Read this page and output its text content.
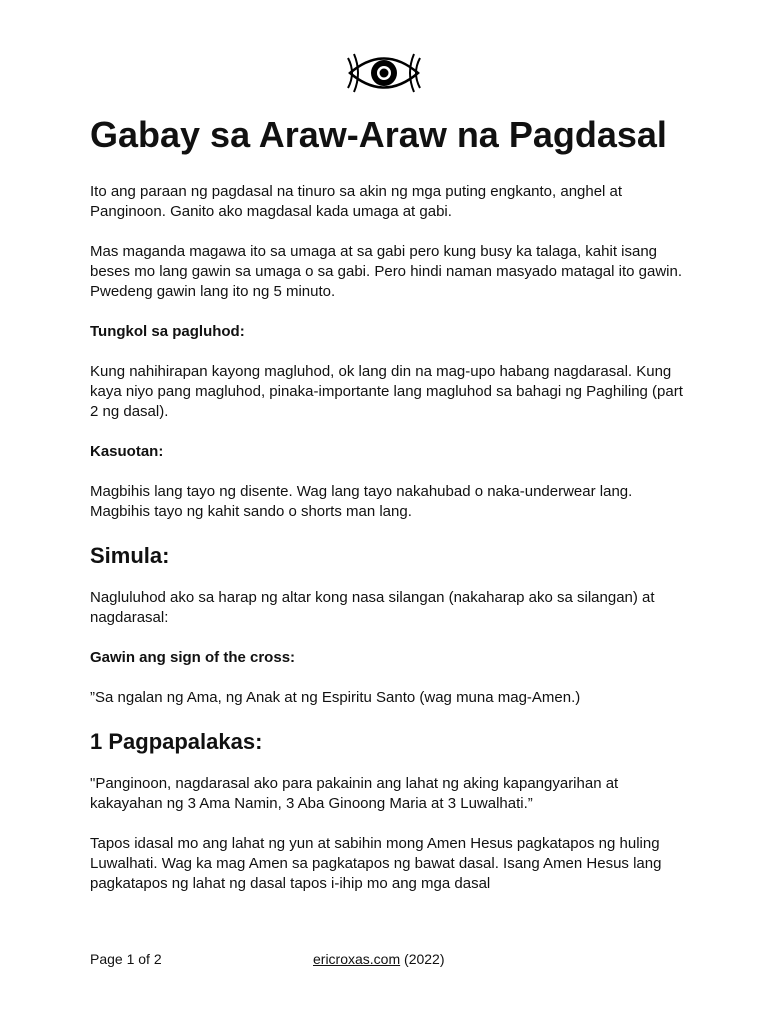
Gabay sa Araw-Araw na Pagdasal

Ito ang paraan ng pagdasal na tinuro sa akin ng mga puting engkanto, anghel at Panginoon. Ganito ako magdasal kada umaga at gabi.

Mas maganda magawa ito sa umaga at sa gabi pero kung busy ka talaga, kahit isang beses mo lang gawin sa umaga o sa gabi. Pero hindi naman masyado matagal ito gawin. Pwedeng gawin lang ito ng 5 minuto.

Tungkol sa pagluhod:

Kung nahihirapan kayong magluhod, ok lang din na mag-upo habang nagdarasal. Kung kaya niyo pang magluhod, pinaka-importante lang magluhod sa bahagi ng Paghiling (part 2 ng dasal).

Kasuotan:

Magbihis lang tayo ng disente. Wag lang tayo nakahubad o naka-underwear lang. Magbihis tayo ng kahit sando o shorts man lang.

Simula:

Nagluluhod ako sa harap ng altar kong nasa silangan (nakaharap ako sa silangan) at nagdarasal:

Gawin ang sign of the cross:

”Sa ngalan ng Ama, ng Anak at ng Espiritu Santo (wag muna mag-Amen.)

1 Pagpapalakas:

"Panginoon, nagdarasal ako para pakainin ang lahat ng aking kapangyarihan at kakayahan ng 3 Ama Namin, 3 Aba Ginoong Maria at 3 Luwalhati.”

Tapos idasal mo ang lahat ng yun at sabihin mong Amen Hesus pagkatapos ng huling Luwalhati. Wag ka mag Amen sa pagkatapos ng bawat dasal. Isang Amen Hesus lang pagkatapos ng lahat ng dasal tapos i-ihip mo ang mga dasal

Page 1 of 2	ericroxas.com (2022)
